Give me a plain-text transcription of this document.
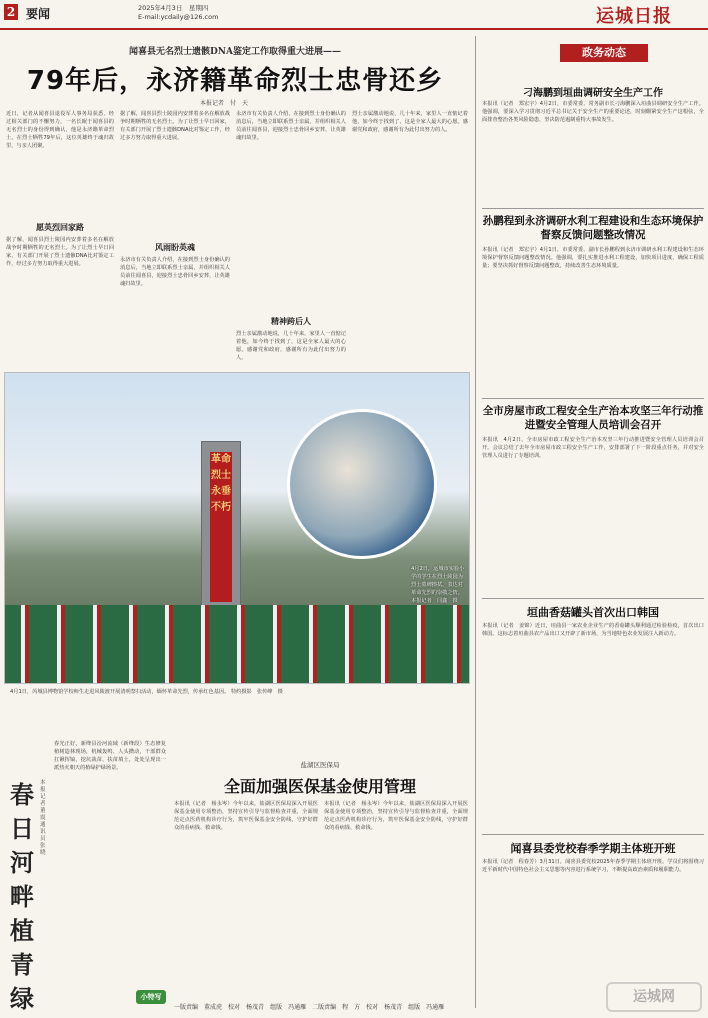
2 要闻	2025年4月3日　星期四
E-mail:ycdaily@126.com	运城日报
闻喜县无名烈士遗骸DNA鉴定工作取得重大进展——
79年后，永济籍革命烈士忠骨还乡
本报记者　付　天
近日，记者从闻喜县退役军人事务局获悉，经过相关部门的不懈努力，一名长眠于闻喜县的无名烈士的身份得到确认，他是永济籍革命烈士。在烈士牺牲79年后，这位英雄终于魂归故里，与亲人团聚。
愿英烈回家路
据了解，闻喜县烈士陵园内安葬着多名在解放战争时期牺牲的无名烈士。为了让烈士早日回家，有关部门开展了烈士遗骸DNA比对鉴定工作，经过多方努力取得重大进展。
据了解，闻喜县烈士陵园内安葬着多名在解放战争时期牺牲的无名烈士。为了让烈士早日回家，有关部门开展了烈士遗骸DNA比对鉴定工作，经过多方努力取得重大进展。
风雨盼英魂
永济市有关负责人介绍，在接到烈士身份确认的消息后，当地立即联系烈士亲属，并组织相关人员前往闻喜县，迎接烈士忠骨回乡安葬，让英雄魂归故里。
永济市有关负责人介绍，在接到烈士身份确认的消息后，当地立即联系烈士亲属，并组织相关人员前往闻喜县，迎接烈士忠骨回乡安葬，让英雄魂归故里。
精神跨后人
烈士亲属激动地说，几十年来，家里人一直惦记着他，如今终于找到了，这是全家人最大的心愿。感谢党和政府，感谢所有为此付出努力的人。
烈士亲属激动地说，几十年来，家里人一直惦记着他，如今终于找到了，这是全家人最大的心愿。感谢党和政府，感谢所有为此付出努力的人。
革命烈士永垂不朽
4月2日，运城市实验小学的学生在烈士陵园为烈士墓碑擦拭，表达对革命先烈的崇敬之情。 本报记者　闫鑫　摄
4月1日，芮城县博物馆学校师生走进风陵渡开展清明祭扫活动，缅怀革命先烈，传承红色基因。 特约摄影　张传峰　摄
春日河畔植青绿
本报记者　董震　通讯员　张晓
春光正好，新绛县汾河流域（新绛段）生态修复植树造林现场，机械轰鸣、人头攒动，干部群众扛锹挥镐，挖坑栽苗、扶苗填土，处处呈现出一派热火朝天的植绿护绿场景。
小特写
盐湖区医保局
全面加强医保基金使用管理
本报讯（记者　杨永岑）今年以来，盐湖区医保局深入开展医保基金使用专项整治，坚持宣传引导与监督检查并重，全面规范定点医药机构诊疗行为，筑牢医保基金安全防线，守护好群众的看病钱、救命钱。
本报讯（记者　杨永岑）今年以来，盐湖区医保局深入开展医保基金使用专项整治，坚持宣传引导与监督检查并重，全面规范定点医药机构诊疗行为，筑牢医保基金安全防线，守护好群众的看病钱、救命钱。
一版责编 董成虎 校对 杨茂青 组版 冯通雁 二版责编 程　方 校对 杨茂青 组版 冯通雁
政务动态
刁海鹏到垣曲调研安全生产工作
本报讯（记者　郑宏宇）4月2日，市委常委、常务副市长刁海鹏深入垣曲县调研安全生产工作。他强调，要深入学习贯彻习近平总书记关于安全生产的重要论述，时刻绷紧安全生产这根弦，全面排查整治各类风险隐患，坚决防范遏制重特大事故发生。
孙鹏程到永济调研水利工程建设和生态环境保护督察反馈问题整改情况
本报讯（记者　郑宏宇）4月1日，市委常委、副市长孙鹏程到永济市调研水利工程建设和生态环境保护督察反馈问题整改情况。他强调，要扎实推进水利工程建设，加快项目进度，确保工程质量；要坚决抓好督察反馈问题整改，持续改善生态环境质量。
全市房屋市政工程安全生产治本攻坚三年行动推进暨安全管理人员培训会召开
本报讯　4月2日，全市房屋市政工程安全生产治本攻坚三年行动推进暨安全管理人员培训会召开。会议总结了去年全市房屋市政工程安全生产工作，安排部署了下一阶段重点任务，并对安全管理人员进行了专题培训。
垣曲香菇罐头首次出口韩国
本报讯（记者　姜锦）近日，垣曲县一家农业企业生产的香菇罐头顺利通过检验检疫，首次出口韩国。这标志着垣曲县农产品出口又开辟了新市场，为当地特色农业发展注入新动力。
闻喜县委党校春季学期主体班开班
本报讯（记者　程春芳）3月31日，闻喜县委党校2025年春季学期主体班开班。学员们将围绕习近平新时代中国特色社会主义思想等内容进行系统学习，不断提高政治素质和履职能力。
运城网
